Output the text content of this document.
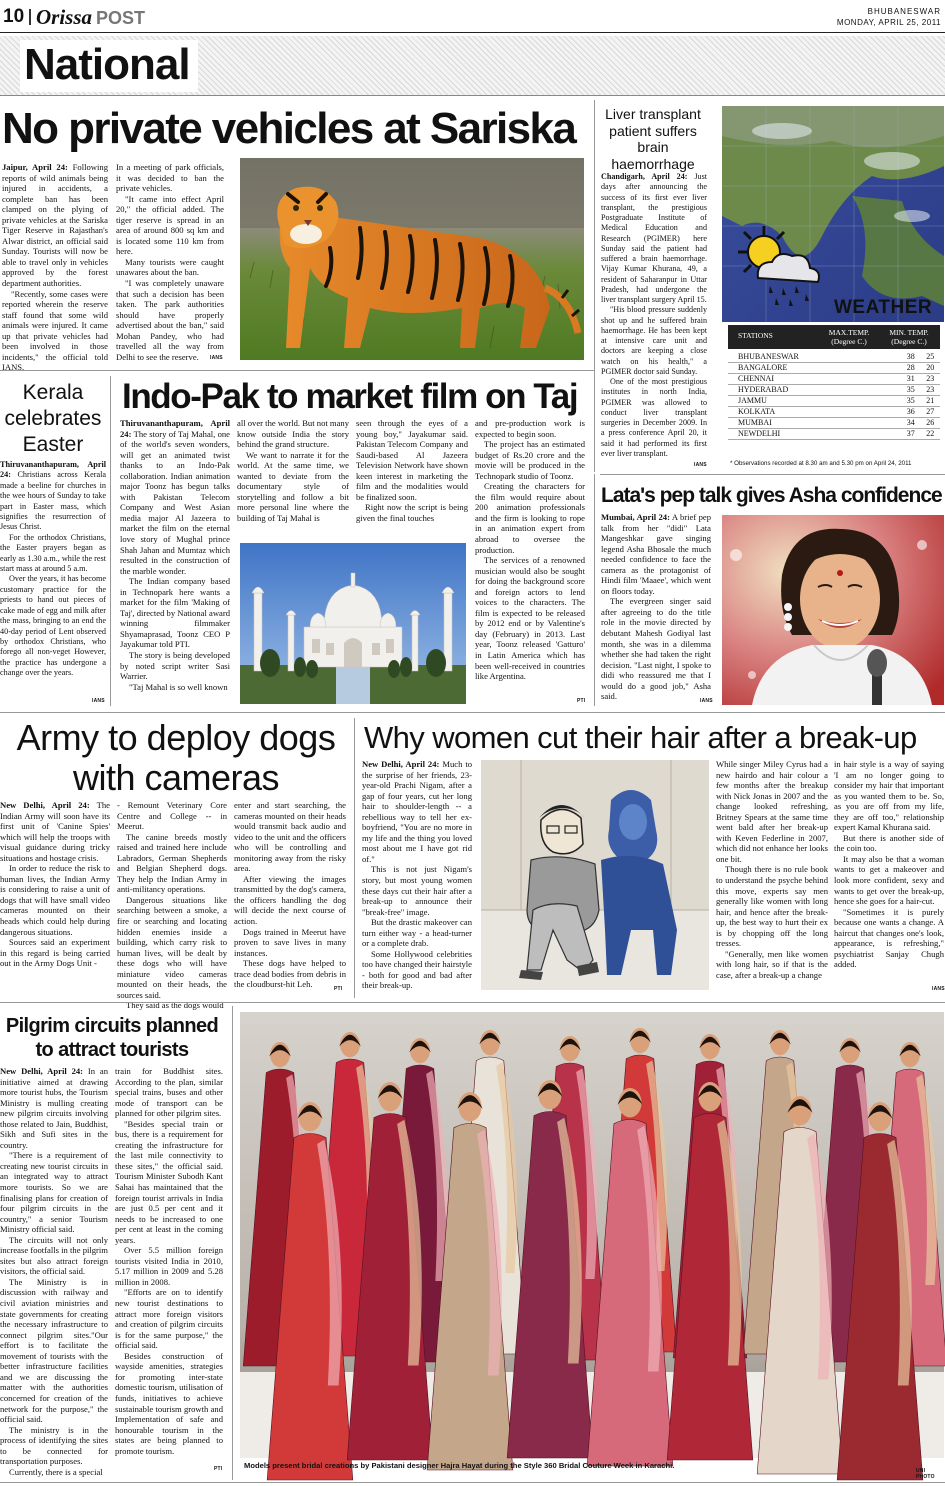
10 Orissa POST	BHUBANESWAR
MONDAY, APRIL 25, 2011
National
No private vehicles at Sariska

Jaipur, April 24: Following reports of wild animals being injured in accidents, a complete ban has been clamped on the plying of private vehicles at the Sariska Tiger Reserve in Rajasthan's Alwar district, an official said Sunday. Tourists will now be able to travel only in vehicles approved by the forest department authorities.

"Recently, some cases were reported wherein the reserve staff found that some wild animals were injured. It came up that private vehicles had been involved in those incidents," the official told IANS.

In a meeting of park officials, it was decided to ban the private vehicles.

"It came into effect April 20," the official added. The tiger reserve is spread in an area of around 800 sq km and is located some 110 km from here.

Many tourists were caught unawares about the ban.

"I was completely unaware that such a decision has been taken. The park authorities should have properly advertised about the ban," said Mohan Pandey, who had travelled all the way from Delhi to see the reserve.	IANS
Liver transplant patient suffers brain haemorrhage

Chandigarh, April 24: Just days after announcing the success of its first ever liver transplant, the prestigious Postgraduate Institute of Medical Education and Research (PGIMER) here Sunday said the patient had suffered a brain haemorrhage. Vijay Kumar Khurana, 49, a resident of Saharanpur in Uttar Pradesh, had undergone the liver transplant surgery April 15.

"His blood pressure suddenly shot up and he suffered brain haemorrhage. He has been kept at intensive care unit and doctors are keeping a close watch on his health," a PGIMER doctor said Sunday.

One of the most prestigious institutes in north India, PGIMER was allowed to conduct liver transplant surgeries in December 2009. In a press conference April 20, it said it had performed its first ever liver transplant.

IANS
WEATHER
STATIONS	MAX.TEMP. (Degree C.)
MIN. TEMP. (Degree C.)
BHUBANESWAR	38	25
BANGALORE	28	20
CHENNAI	31	23
HYDERABAD	35	23
JAMMU	35	21
KOLKATA	36	27
MUMBAI	34	26
NEWDELHI	37	22
* Observations recorded at 8.30 am and 5.30 pm on April 24, 2011
Kerala celebrates Easter

Thiruvananthapuram, April 24: Christians across Kerala made a beeline for churches in the wee hours of Sunday to take part in Easter mass, which signifies the resurrection of Jesus Christ.

For the orthodox Christians, the Easter prayers began as early as 1.30 a.m., while the rest start mass at around 5 a.m.

Over the years, it has become customary practice for the priests to hand out pieces of cake made of egg and milk after the mass, bringing to an end the 40-day period of Lent observed by orthodox Christians, who forego all non-veget However, the practice has undergone a change over the years.

IANS
Indo-Pak to market film on Taj

Thiruvananthapuram, April 24: The story of Taj Mahal, one of the world's seven wonders, will get an animated twist thanks to an Indo-Pak collaboration. Indian animation major Toonz has begun talks with Pakistan Telecom Company and West Asian media major Al Jazeera to market the film on the eternal love story of Mughal prince Shah Jahan and Mumtaz which resulted in the construction of the marble wonder.

The Indian company based in Technopark here wants a market for the film 'Making of Taj', directed by National award winning filmmaker Shyamaprasad, Toonz CEO P Jayakumar told PTI.

The story is being developed by noted script writer Sasi Warrier.

"Taj Mahal is so well known

all over the world. But not many know outside India the story behind the grand structure.

We want to narrate it for the world. At the same time, we wanted to deviate from the documentary style of storytelling and follow a bit more personal line where the building of Taj Mahal is

seen through the eyes of a young boy," Jayakumar said. Pakistan Telecom Company and Saudi-based Al Jazeera Television Network have shown keen interest in marketing the film and the modalities would be finalized soon.

Right now the script is being given the final touches

and pre-production work is expected to begin soon.

The project has an estimated budget of Rs.20 crore and the movie will be produced in the Technopark studio of Toonz.

Creating the characters for the film would require about 200 animation professionals and the firm is looking to rope in an animation expert from abroad to oversee the production.

The services of a renowned musician would also be sought for doing the background score and foreign actors to lend voices to the characters. The film is expected to be released by 2012 end or by Valentine's day (February) in 2013. Last year, Toonz released 'Gatturo' in Latin America which has been well-received in countries like Argentina.

PTI
Lata's pep talk gives Asha confidence

Mumbai, April 24: A brief pep talk from her "didi" Lata Mangeshkar gave singing legend Asha Bhosale the much needed confidence to face the camera as the protagonist of Hindi film 'Maaee', which went on floors today.

The evergreen singer said after agreeing to do the title role in the movie directed by debutant Mahesh Godiyal last month, she was in a dilemma whether she had taken the right decision. "Last night, I spoke to didi who reassured me that I would do a good job," Asha said.	IANS
Army to deploy dogs with cameras

New Delhi, April 24: The Indian Army will soon have its first unit of 'Canine Spies' which will help the troops with visual guidance during tricky situations and hostage crisis.

In order to reduce the risk to human lives, the Indian Army is considering to raise a unit of dogs that will have small video cameras mounted on their heads which could help during dangerous situations.

Sources said an experiment in this regard is being carried out in the Army Dogs Unit -

- Remount Veterinary Core Centre and College -- in Meerut.

The canine breeds mostly raised and trained here include Labradors, German Shepherds and Belgian Shepherd dogs. They help the Indian Army in anti-militancy operations.

Dangerous situations like searching between a smoke, a fire or searching and locating hidden enemies inside a building, which carry risk to human lives, will be dealt by these dogs who will have miniature video cameras mounted on their heads, the sources said.

They said as the dogs would

enter and start searching, the cameras mounted on their heads would transmit back audio and video to the unit and the officers who will be controlling and monitoring away from the risky area.

After viewing the images transmitted by the dog's camera, the officers handling the dog will decide the next course of action.

Dogs trained in Meerut have proven to save lives in many instances.

These dogs have helped to trace dead bodies from debris in the cloudburst-hit Leh.	PTI
Why women cut their hair after a break-up

New Delhi, April 24: Much to the surprise of her friends, 23-year-old Prachi Nigam, after a gap of four years, cut her long hair to shoulder-length -- a rebellious way to tell her ex-boyfriend, "You are no more in my life and the thing you loved most about me I have got rid of."

This is not just Nigam's story, but most young women these days cut their hair after a break-up to announce their "break-free" image.

But the drastic makeover can turn either way - a head-turner or a complete drab.

Some Hollywood celebrities too have changed their hairstyle - both for good and bad after their break-up.

While singer Miley Cyrus had a new hairdo and hair colour a few months after the breakup with Nick Jonas in 2007 and the change looked refreshing, Britney Spears at the same time went bald after her break-up with Keven Federline in 2007, which did not enhance her looks one bit.

Though there is no rule book to understand the psyche behind this move, experts say men generally like women with long hair, and hence after the break-up, the best way to hurt their ex is by chopping off the long tresses.

"Generally, men like women with long hair, so if that is the case, after a break-up a change

in hair style is a way of saying 'I am no longer going to consider my hair that important as you wanted them to be. So, as you are off from my life, they are off too," relationship expert Kamal Khurana said.

But there is another side of the coin too.

It may also be that a woman wants to get a makeover and look more confident, sexy and wants to get over the break-up, hence she goes for a hair-cut.

"Sometimes it is purely because one wants a change. A haircut that changes one's look, appearance, is refreshing," psychiatrist Sanjay Chugh added.

IANS
Pilgrim circuits planned to attract tourists

New Delhi, April 24: In an initiative aimed at drawing more tourist hubs, the Tourism Ministry is mulling creating new pilgrim circuits involving those related to Jain, Buddhist, Sikh and Sufi sites in the country.

"There is a requirement of creating new tourist circuits in an integrated way to attract more tourists. So we are finalising plans for creation of four pilgrim circuits in the country," a senior Tourism Ministry official said.

The circuits will not only increase footfalls in the pilgrim sites but also attract foreign visitors, the official said.

The Ministry is in discussion with railway and civil aviation ministries and state governments for creating the necessary infrastructure to connect pilgrim sites."Our effort is to facilitate the movement of tourists with the better infrastructure facilities and we are discussing the matter with the authorities concerned for creation of the network for the purpose," the official said.

The ministry is in the process of identifying the sites to be connected for transportation purposes.

Currently, there is a special

train for Buddhist sites. According to the plan, similar special trains, buses and other mode of transport can be planned for other pilgrim sites.

"Besides special train or bus, there is a requirement for creating the infrastructure for the last mile connectivity to these sites," the official said. Tourism Minister Subodh Kant Sahai has maintained that the foreign tourist arrivals in India are just 0.5 per cent and it needs to be increased to one per cent at least in the coming years.

Over 5.5 million foreign tourists visited India in 2010, 5.17 million in 2009 and 5.28 million in 2008.

"Efforts are on to identify new tourist destinations to attract more foreign visitors and creation of pilgrim circuits is for the same purpose," the official said.

Besides construction of wayside amenities, strategies for promoting inter-state domestic tourism, utilisation of funds, initiatives to achieve sustainable tourism growth and Implementation of safe and honourable tourism in the states are being planned to promote tourism.

PTI	Models present bridal creations by Pakistani designer Hajra Hayat during the Style 360 Bridal Couture Week in Karachi.
UNI PHOTO
